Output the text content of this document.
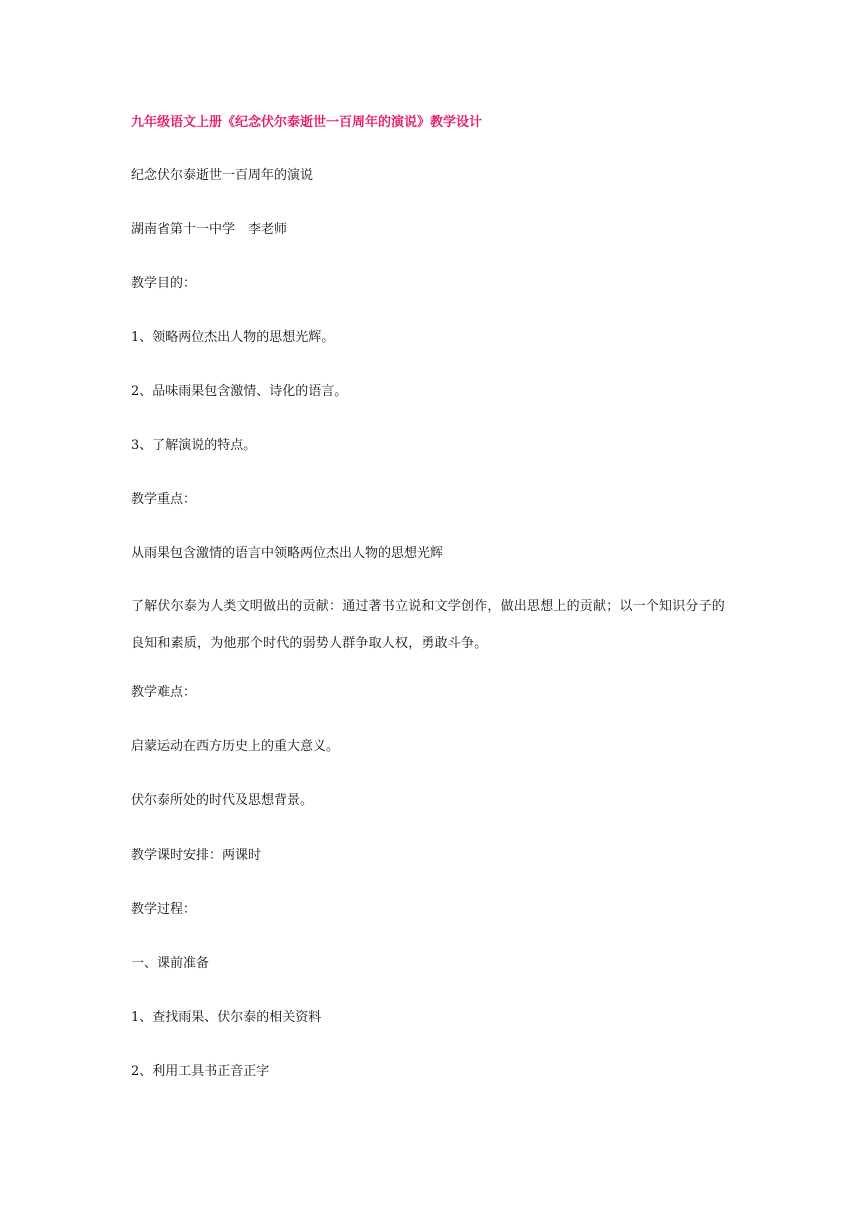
九年级语文上册《纪念伏尔泰逝世一百周年的演说》教学设计

纪念伏尔泰逝世一百周年的演说

湖南省第十一中学　李老师

教学目的：

1、领略两位杰出人物的思想光辉。

2、品味雨果包含激情、诗化的语言。

3、了解演说的特点。

教学重点：

从雨果包含激情的语言中领略两位杰出人物的思想光辉

了解伏尔泰为人类文明做出的贡献：通过著书立说和文学创作，做出思想上的贡献；以一个知识分子的良知和素质，为他那个时代的弱势人群争取人权，勇敢斗争。

教学难点：

启蒙运动在西方历史上的重大意义。

伏尔泰所处的时代及思想背景。

教学课时安排：两课时

教学过程：

一、课前准备

1、查找雨果、伏尔泰的相关资料

2、利用工具书正音正字
